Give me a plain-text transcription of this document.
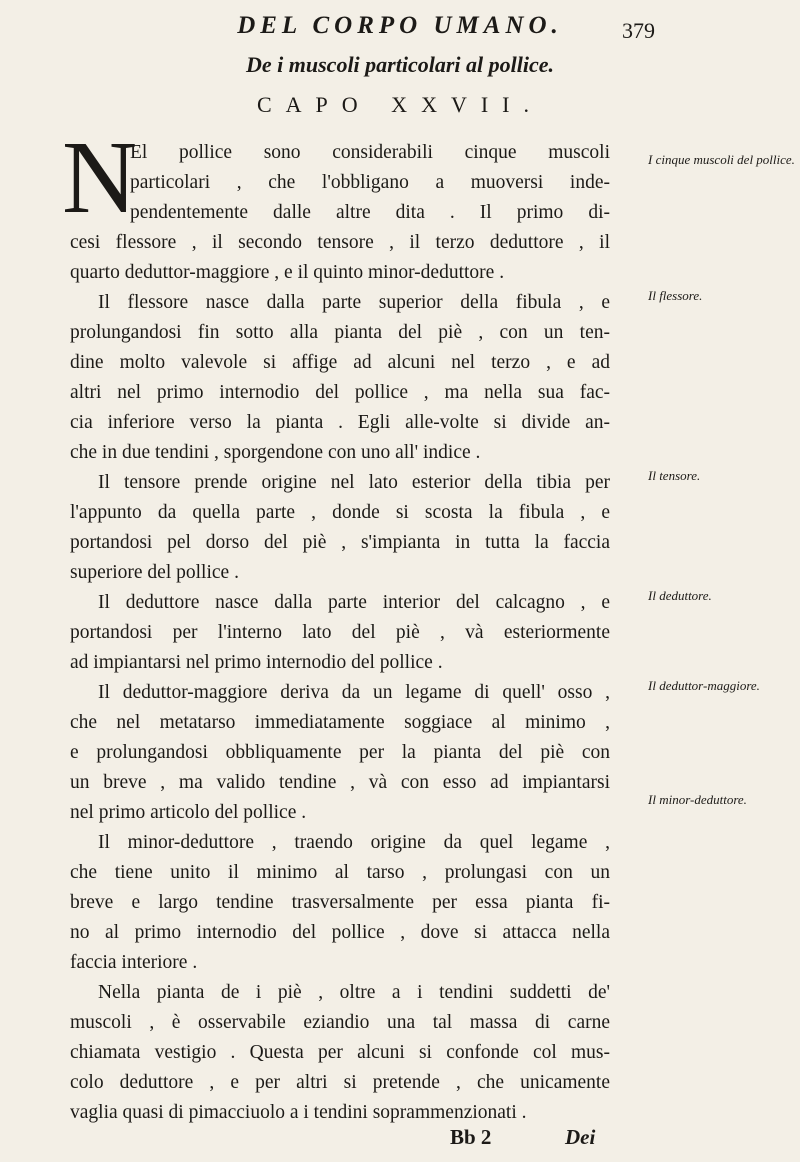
DEL CORPO UMANO.	379
De i muscoli particolari al pollice.
CAPO XXVII.
N
El pollice sono considerabili cinque muscoli
particolari , che l'obbligano a muoversi inde-
pendentemente dalle altre dita . Il primo di-
cesi flessore , il secondo tensore , il terzo deduttore , il
quarto deduttor-maggiore , e il quinto minor-deduttore .
Il flessore nasce dalla parte superior della fibula , e
prolungandosi fin sotto alla pianta del piè , con un ten-
dine molto valevole si affige ad alcuni nel terzo , e ad
altri nel primo internodio del pollice , ma nella sua fac-
cia inferiore verso la pianta . Egli alle-volte si divide an-
che in due tendini , sporgendone con uno all' indice .
Il tensore prende origine nel lato esterior della tibia per
l'appunto da quella parte , donde si scosta la fibula , e
portandosi pel dorso del piè , s'impianta in tutta la faccia
superiore del pollice .
Il deduttore nasce dalla parte interior del calcagno , e
portandosi per l'interno lato del piè , và esteriormente
ad impiantarsi nel primo internodio del pollice .
Il deduttor-maggiore deriva da un legame di quell' osso ,
che nel metatarso immediatamente soggiace al minimo ,
e prolungandosi obbliquamente per la pianta del piè con
un breve , ma valido tendine , và con esso ad impiantarsi
nel primo articolo del pollice .
Il minor-deduttore , traendo origine da quel legame ,
che tiene unito il minimo al tarso , prolungasi con un
breve e largo tendine trasversalmente per essa pianta fi-
no al primo internodio del pollice , dove si attacca nella
faccia interiore .
Nella pianta de i piè , oltre a i tendini suddetti de'
muscoli , è osservabile eziandio una tal massa di carne
chiamata vestigio . Questa per alcuni si confonde col mus-
colo deduttore , e per altri si pretende , che unicamente
vaglia quasi di pimacciuolo a i tendini soprammenzionati .
I cinque muscoli del pollice.
Il flessore.
Il tensore.
Il deduttore.
Il deduttor-maggiore.
Il minor-deduttore.
Bb 2	Dei
